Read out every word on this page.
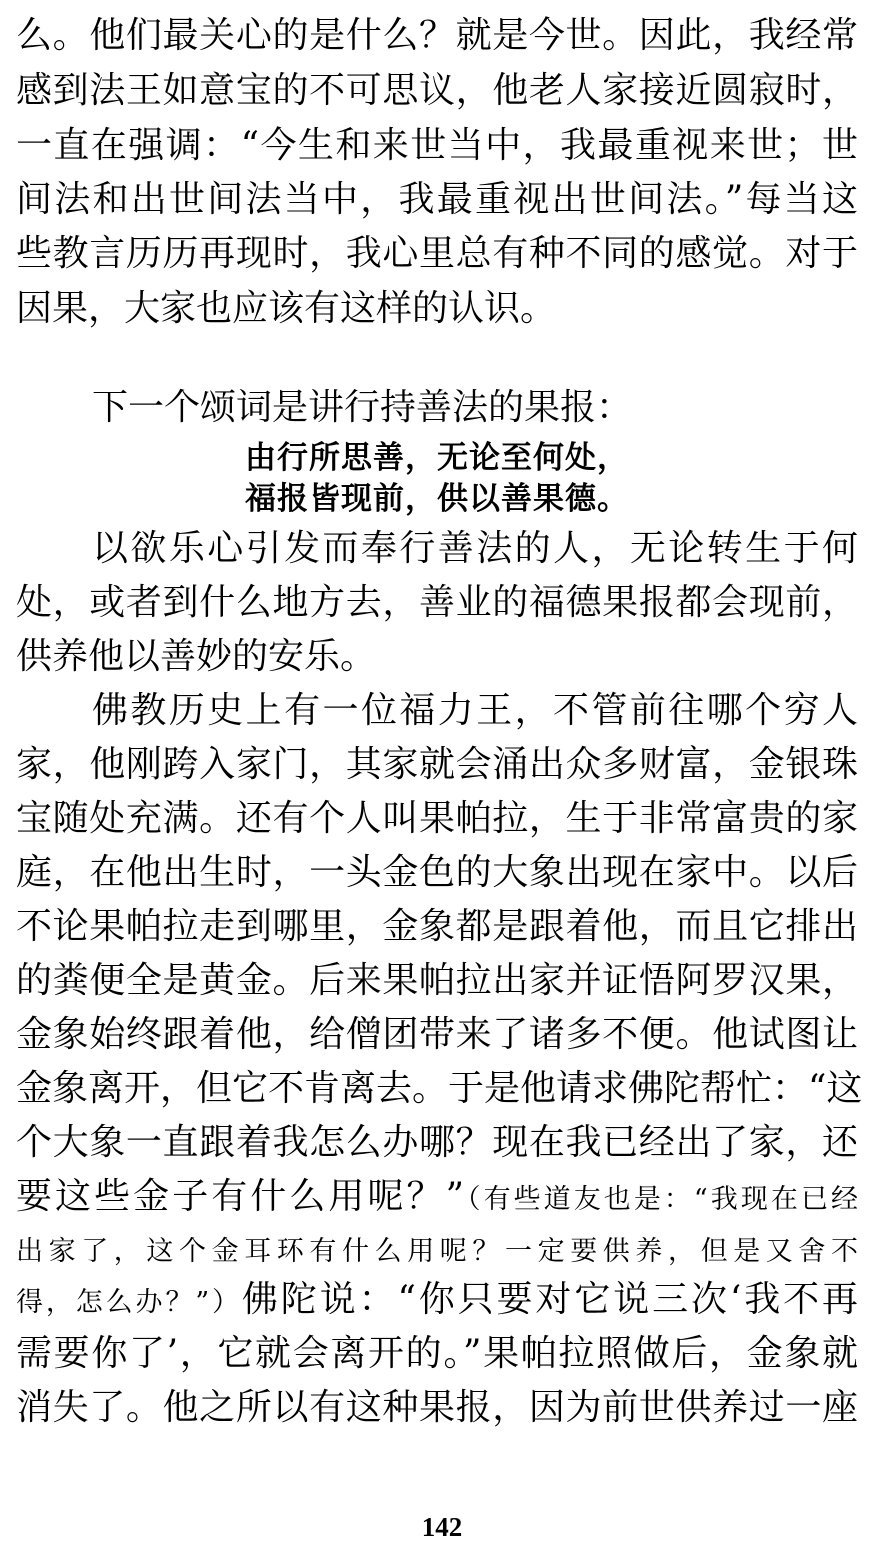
么。他们最关心的是什么？就是今世。因此，我经常
感到法王如意宝的不可思议，他老人家接近圆寂时，
一直在强调：“今生和来世当中，我最重视来世；世
间法和出世间法当中，我最重视出世间法。”每当这
些教言历历再现时，我心里总有种不同的感觉。对于
因果，大家也应该有这样的认识。
下一个颂词是讲行持善法的果报：
由行所思善，无论至何处，
福报皆现前，供以善果德。
以欲乐心引发而奉行善法的人，无论转生于何
处，或者到什么地方去，善业的福德果报都会现前，
供养他以善妙的安乐。
佛教历史上有一位福力王，不管前往哪个穷人
家，他刚跨入家门，其家就会涌出众多财富，金银珠
宝随处充满。还有个人叫果帕拉，生于非常富贵的家
庭，在他出生时，一头金色的大象出现在家中。以后
不论果帕拉走到哪里，金象都是跟着他，而且它排出
的粪便全是黄金。后来果帕拉出家并证悟阿罗汉果，
金象始终跟着他，给僧团带来了诸多不便。他试图让
金象离开，但它不肯离去。于是他请求佛陀帮忙：“这
个大象一直跟着我怎么办哪？现在我已经出了家，还
要这些金子有什么用呢？”（有些道友也是：“我现在已经
出家了，这个金耳环有什么用呢？一定要供养，但是又舍不
得，怎么办？”）佛陀说：“你只要对它说三次‘我不再
需要你了’，它就会离开的。”果帕拉照做后，金象就
消失了。他之所以有这种果报，因为前世供养过一座
142
